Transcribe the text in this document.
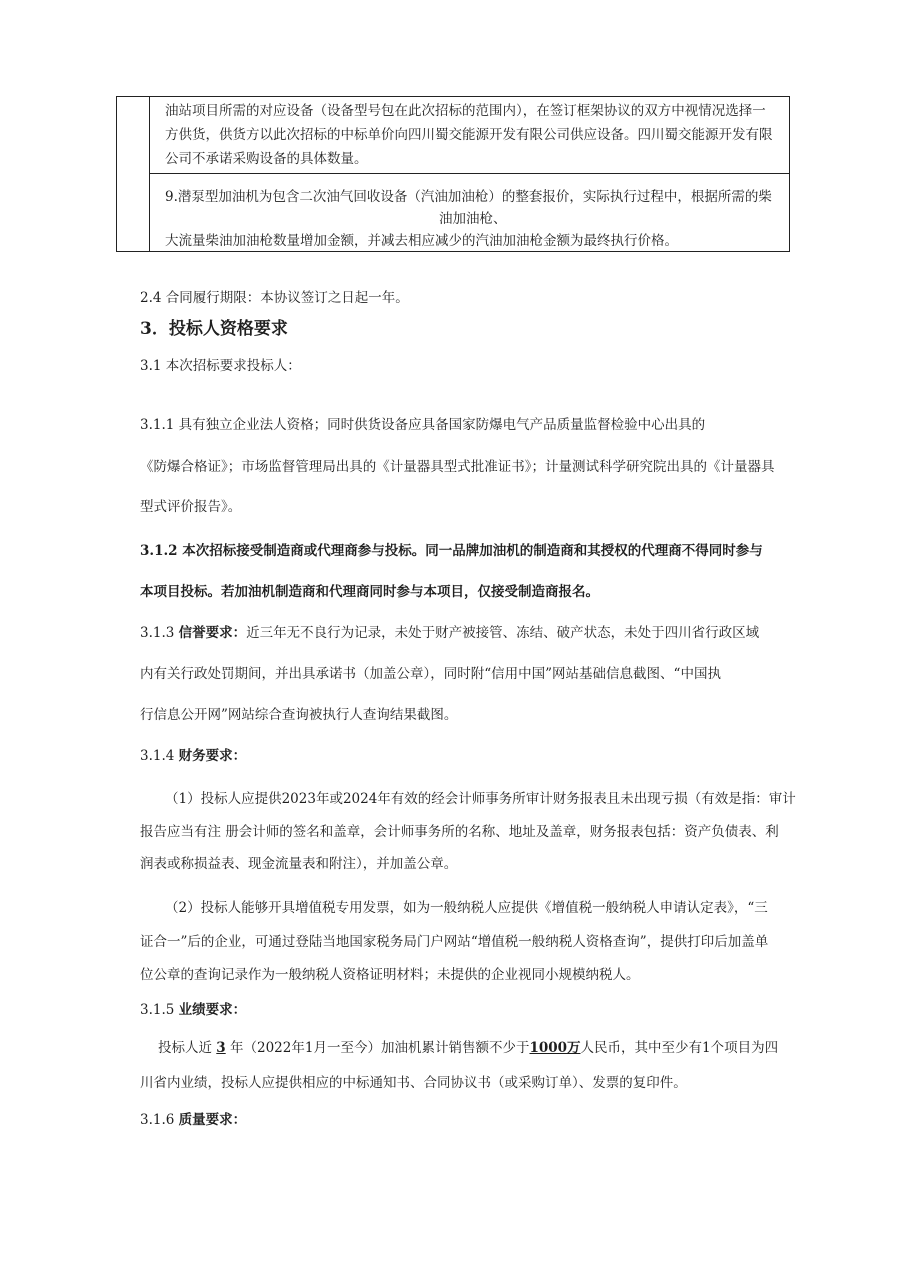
油站项目所需的对应设备（设备型号包在此次招标的范围内），在签订框架协议的双方中视情况选择一
方供货，供货方以此次招标的中标单价向四川蜀交能源开发有限公司供应设备。四川蜀交能源开发有限
公司不承诺采购设备的具体数量。
9.潜泵型加油机为包含二次油气回收设备（汽油加油枪）的整套报价，实际执行过程中，根据所需的柴
油加油枪、
大流量柴油加油枪数量增加金额，并减去相应减少的汽油加油枪金额为最终执行价格。
2.4 合同履行期限：本协议签订之日起一年。
3．投标人资格要求
3.1 本次招标要求投标人：
3.1.1 具有独立企业法人资格；同时供货设备应具备国家防爆电气产品质量监督检验中心出具的
《防爆合格证》；市场监督管理局出具的《计量器具型式批准证书》；计量测试科学研究院出具的《计量器具
型式评价报告》。
3.1.2 本次招标接受制造商或代理商参与投标。同一品牌加油机的制造商和其授权的代理商不得同时参与
本项目投标。若加油机制造商和代理商同时参与本项目，仅接受制造商报名。
3.1.3 信誉要求：近三年无不良行为记录，未处于财产被接管、冻结、破产状态，未处于四川省行政区域
内有关行政处罚期间，并出具承诺书（加盖公章），同时附“信用中国”网站基础信息截图、“中国执
行信息公开网”网站综合查询被执行人查询结果截图。
3.1.4 财务要求：
（1）投标人应提供2023年或2024年有效的经会计师事务所审计财务报表且未出现亏损（有效是指：审计
报告应当有注 册会计师的签名和盖章，会计师事务所的名称、地址及盖章，财务报表包括：资产负债表、利
润表或称损益表、现金流量表和附注），并加盖公章。
（2）投标人能够开具增值税专用发票，如为一般纳税人应提供《增值税一般纳税人申请认定表》，“三
证合一”后的企业，可通过登陆当地国家税务局门户网站“增值税一般纳税人资格查询”，提供打印后加盖单
位公章的查询记录作为一般纳税人资格证明材料；未提供的企业视同小规模纳税人。
3.1.5 业绩要求：
投标人近 3 年（2022年1月一至今）加油机累计销售额不少于1000万人民币，其中至少有1个项目为四
川省内业绩，投标人应提供相应的中标通知书、合同协议书（或采购订单）、发票的复印件。
3.1.6 质量要求：
